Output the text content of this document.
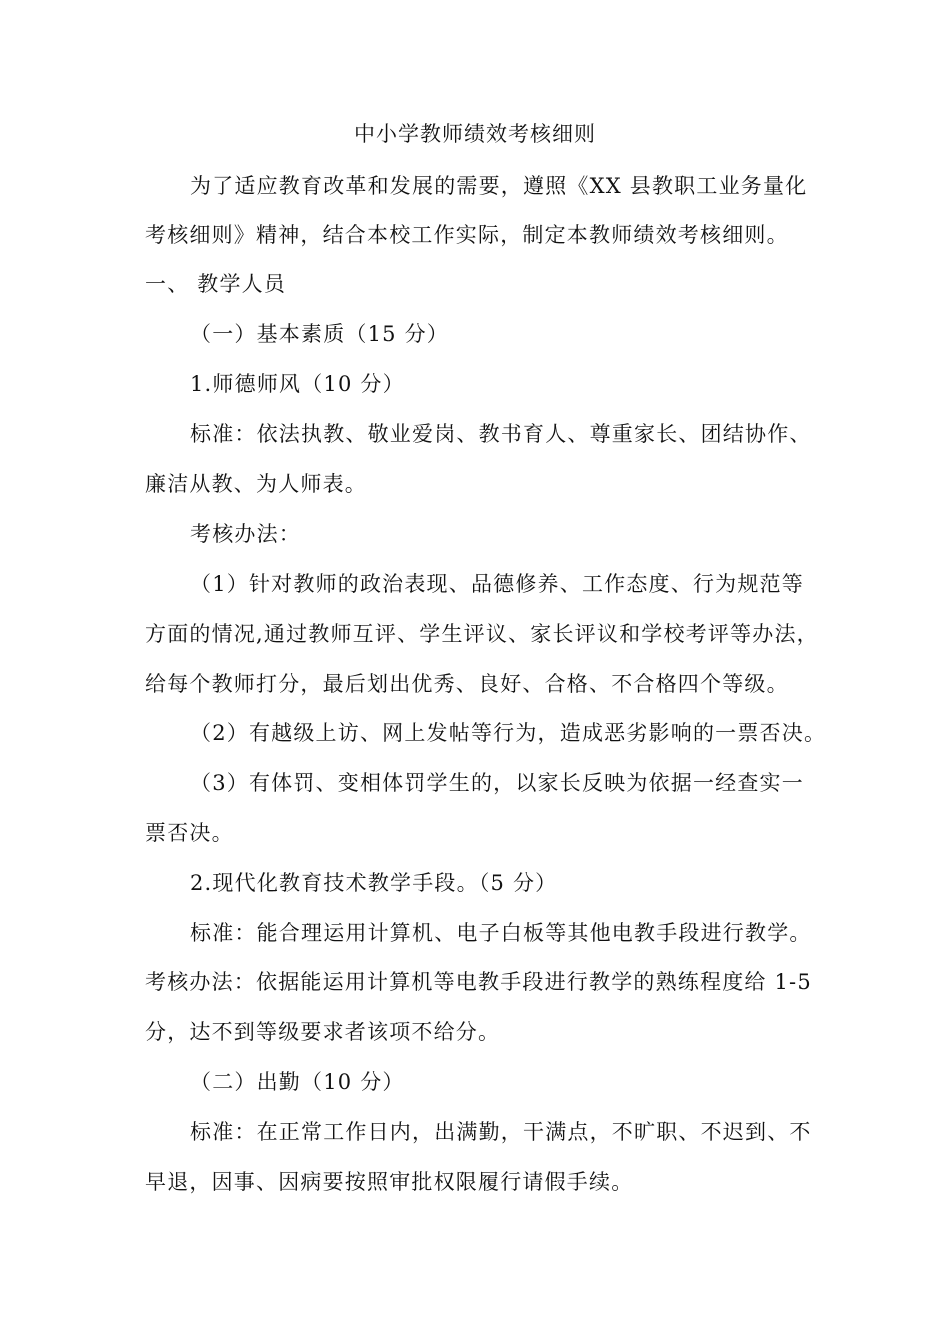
中小学教师绩效考核细则

为了适应教育改革和发展的需要，遵照《XX 县教职工业务量化

考核细则》精神，结合本校工作实际，制定本教师绩效考核细则。

一、 教学人员

（一）基本素质（15 分）

1.师德师风（10 分）

标准：依法执教、敬业爱岗、教书育人、尊重家长、团结协作、

廉洁从教、为人师表。

考核办法：

（1）针对教师的政治表现、品德修养、工作态度、行为规范等

方面的情况,通过教师互评、学生评议、家长评议和学校考评等办法，

给每个教师打分，最后划出优秀、良好、合格、不合格四个等级。

（2）有越级上访、网上发帖等行为，造成恶劣影响的一票否决。

（3）有体罚、变相体罚学生的，以家长反映为依据一经查实一

票否决。

2.现代化教育技术教学手段。（5 分）

标准：能合理运用计算机、电子白板等其他电教手段进行教学。

考核办法：依据能运用计算机等电教手段进行教学的熟练程度给 1-5

分，达不到等级要求者该项不给分。

（二）出勤（10 分）

标准：在正常工作日内，出满勤，干满点，不旷职、不迟到、不

早退，因事、因病要按照审批权限履行请假手续。
